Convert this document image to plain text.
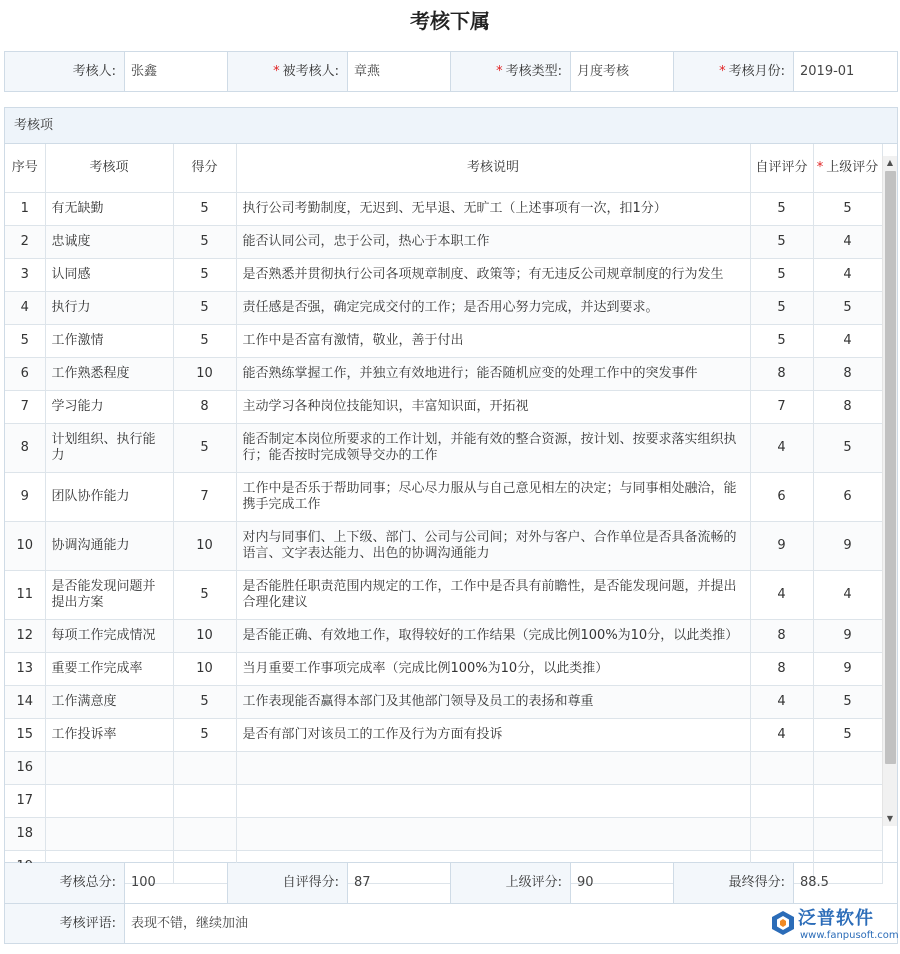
考核下属
考核人:	张鑫	* 被考核人:	章燕	* 考核类型:	月度考核	* 考核月份:	2019-01
考核项
序号	考核项	得分	考核说明	自评评分	* 上级评分
1	有无缺勤	5	执行公司考勤制度，无迟到、无早退、无旷工（上述事项有一次，扣1分）	5	5
2	忠诚度	5	能否认同公司，忠于公司，热心于本职工作	5	4
3	认同感	5	是否熟悉并贯彻执行公司各项规章制度、政策等；有无违反公司规章制度的行为发生	5	4
4	执行力	5	责任感是否强，确定完成交付的工作；是否用心努力完成，并达到要求。	5	5
5	工作激情	5	工作中是否富有激情，敬业，善于付出	5	4
6	工作熟悉程度	10	能否熟练掌握工作，并独立有效地进行；能否随机应变的处理工作中的突发事件	8	8
7	学习能力	8	主动学习各种岗位技能知识，丰富知识面，开拓视	7	8
8	计划组织、执行能力	5	能否制定本岗位所要求的工作计划，并能有效的整合资源，按计划、按要求落实组织执行；能否按时完成领导交办的工作	4	5
9	团队协作能力	7	工作中是否乐于帮助同事；尽心尽力服从与自己意见相左的决定；与同事相处融洽，能携手完成工作	6	6
10	协调沟通能力	10	对内与同事们、上下级、部门、公司与公司间；对外与客户、合作单位是否具备流畅的语言、文字表达能力、出色的协调沟通能力	9	9
11	是否能发现问题并提出方案	5	是否能胜任职责范围内规定的工作，工作中是否具有前瞻性，是否能发现问题，并提出合理化建议	4	4
12	每项工作完成情况	10	是否能正确、有效地工作，取得较好的工作结果（完成比例100%为10分，以此类推）	8	9
13	重要工作完成率	10	当月重要工作事项完成率（完成比例100%为10分，以此类推）	8	9
14	工作满意度	5	工作表现能否赢得本部门及其他部门领导及员工的表扬和尊重	4	5
15	工作投诉率	5	是否有部门对该员工的工作及行为方面有投诉	4	5
16					
17					
18					

▲
▼
考核总分:	100	自评得分:	87	上级评分:	90	最终得分:	88.5
考核评语:	表现不错，继续加油	泛普软件
www.fanpusoft.com
